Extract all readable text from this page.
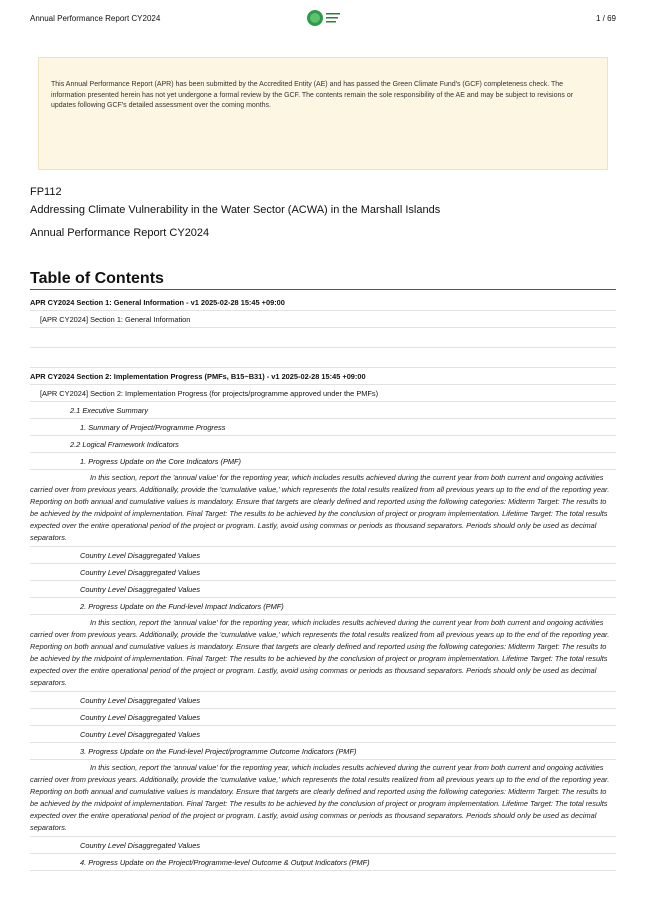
Annual Performance Report CY2024	1 / 69
This Annual Performance Report (APR) has been submitted by the Accredited Entity (AE) and has passed the Green Climate Fund's (GCF) completeness check. The information presented herein has not yet undergone a formal review by the GCF. The contents remain the sole responsibility of the AE and may be subject to revisions or updates following GCF's detailed assessment over the coming months.
FP112
Addressing Climate Vulnerability in the Water Sector (ACWA) in the Marshall Islands
Annual Performance Report CY2024
Table of Contents
APR CY2024 Section 1: General Information - v1 2025-02-28 15:45 +09:00
[APR CY2024] Section 1: General Information
APR CY2024 Section 2: Implementation Progress (PMFs, B15~B31) - v1 2025-02-28 15:45 +09:00
[APR CY2024] Section 2: Implementation Progress (for projects/programme approved under the PMFs)
2.1 Executive Summary
1. Summary of Project/Programme Progress
2.2 Logical Framework Indicators
1. Progress Update on the Core Indicators (PMF)
In this section, report the 'annual value' for the reporting year, which includes results achieved during the current year from both current and ongoing activities carried over from previous years. Additionally, provide the 'cumulative value,' which represents the total results realized from all previous years up to the end of the reporting year. Reporting on both annual and cumulative values is mandatory. Ensure that targets are clearly defined and reported using the following categories: Midterm Target: The results to be achieved by the midpoint of implementation. Final Target: The results to be achieved by the conclusion of project or program implementation. Lifetime Target: The total results expected over the entire operational period of the project or program. Lastly, avoid using commas or periods as thousand separators. Periods should only be used as decimal separators.
Country Level Disaggregated Values
Country Level Disaggregated Values
Country Level Disaggregated Values
2. Progress Update on the Fund-level Impact Indicators (PMF)
In this section, report the 'annual value' for the reporting year, which includes results achieved during the current year from both current and ongoing activities carried over from previous years. Additionally, provide the 'cumulative value,' which represents the total results realized from all previous years up to the end of the reporting year. Reporting on both annual and cumulative values is mandatory. Ensure that targets are clearly defined and reported using the following categories: Midterm Target: The results to be achieved by the midpoint of implementation. Final Target: The results to be achieved by the conclusion of project or program implementation. Lifetime Target: The total results expected over the entire operational period of the project or program. Lastly, avoid using commas or periods as thousand separators. Periods should only be used as decimal separators.
Country Level Disaggregated Values
Country Level Disaggregated Values
Country Level Disaggregated Values
3. Progress Update on the Fund-level Project/programme Outcome Indicators (PMF)
In this section, report the 'annual value' for the reporting year, which includes results achieved during the current year from both current and ongoing activities carried over from previous years. Additionally, provide the 'cumulative value,' which represents the total results realized from all previous years up to the end of the reporting year. Reporting on both annual and cumulative values is mandatory. Ensure that targets are clearly defined and reported using the following categories: Midterm Target: The results to be achieved by the midpoint of implementation. Final Target: The results to be achieved by the conclusion of project or program implementation. Lifetime Target: The total results expected over the entire operational period of the project or program. Lastly, avoid using commas or periods as thousand separators. Periods should only be used as decimal separators.
Country Level Disaggregated Values
4. Progress Update on the Project/Programme-level Outcome & Output Indicators (PMF)
